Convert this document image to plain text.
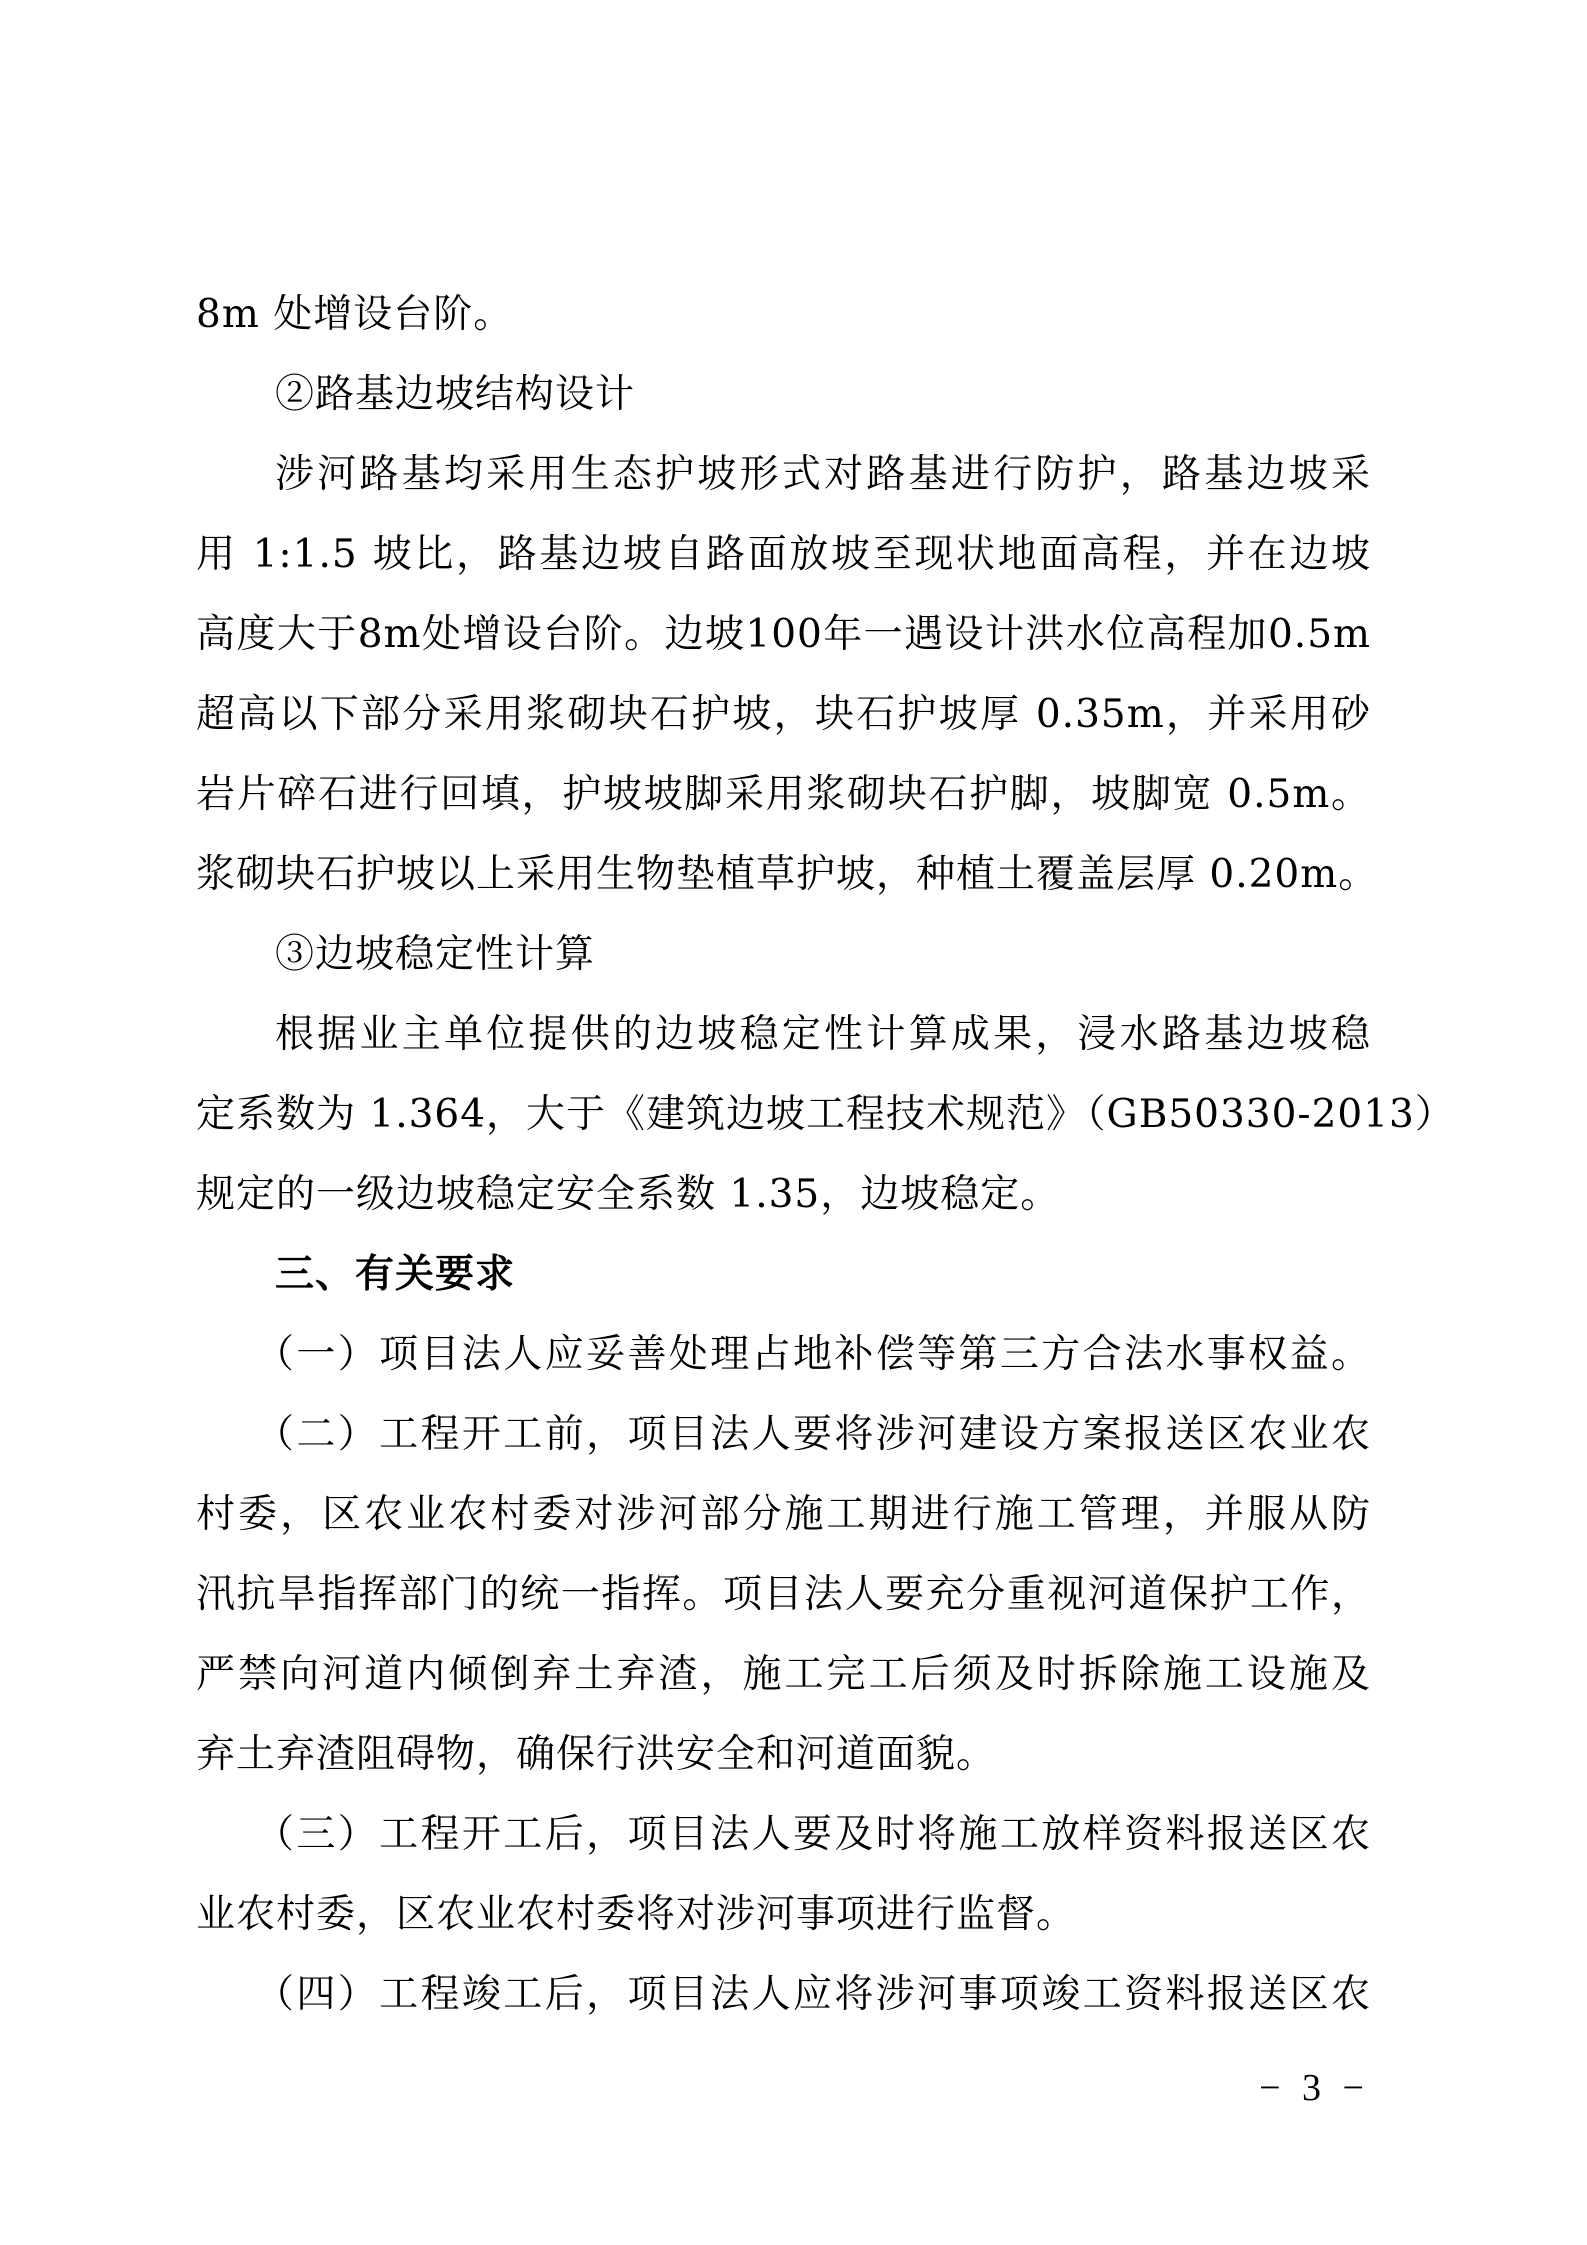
8m 处增设台阶。
②路基边坡结构设计
涉河路基均采用生态护坡形式对路基进行防护，路基边坡采
用 1:1.5 坡比，路基边坡自路面放坡至现状地面高程，并在边坡
高度大于8m处增设台阶。边坡100年一遇设计洪水位高程加0.5m
超高以下部分采用浆砌块石护坡，块石护坡厚 0.35m，并采用砂
岩片碎石进行回填，护坡坡脚采用浆砌块石护脚，坡脚宽 0.5m。
浆砌块石护坡以上采用生物垫植草护坡，种植土覆盖层厚 0.20m。
③边坡稳定性计算
根据业主单位提供的边坡稳定性计算成果，浸水路基边坡稳
定系数为 1.364，大于《建筑边坡工程技术规范》（GB50330-2013）
规定的一级边坡稳定安全系数 1.35，边坡稳定。
三、有关要求
（一）项目法人应妥善处理占地补偿等第三方合法水事权益。
（二）工程开工前，项目法人要将涉河建设方案报送区农业农
村委，区农业农村委对涉河部分施工期进行施工管理，并服从防
汛抗旱指挥部门的统一指挥。项目法人要充分重视河道保护工作，
严禁向河道内倾倒弃土弃渣，施工完工后须及时拆除施工设施及
弃土弃渣阻碍物，确保行洪安全和河道面貌。
（三）工程开工后，项目法人要及时将施工放样资料报送区农
业农村委，区农业农村委将对涉河事项进行监督。
（四）工程竣工后，项目法人应将涉河事项竣工资料报送区农
− 3 −
